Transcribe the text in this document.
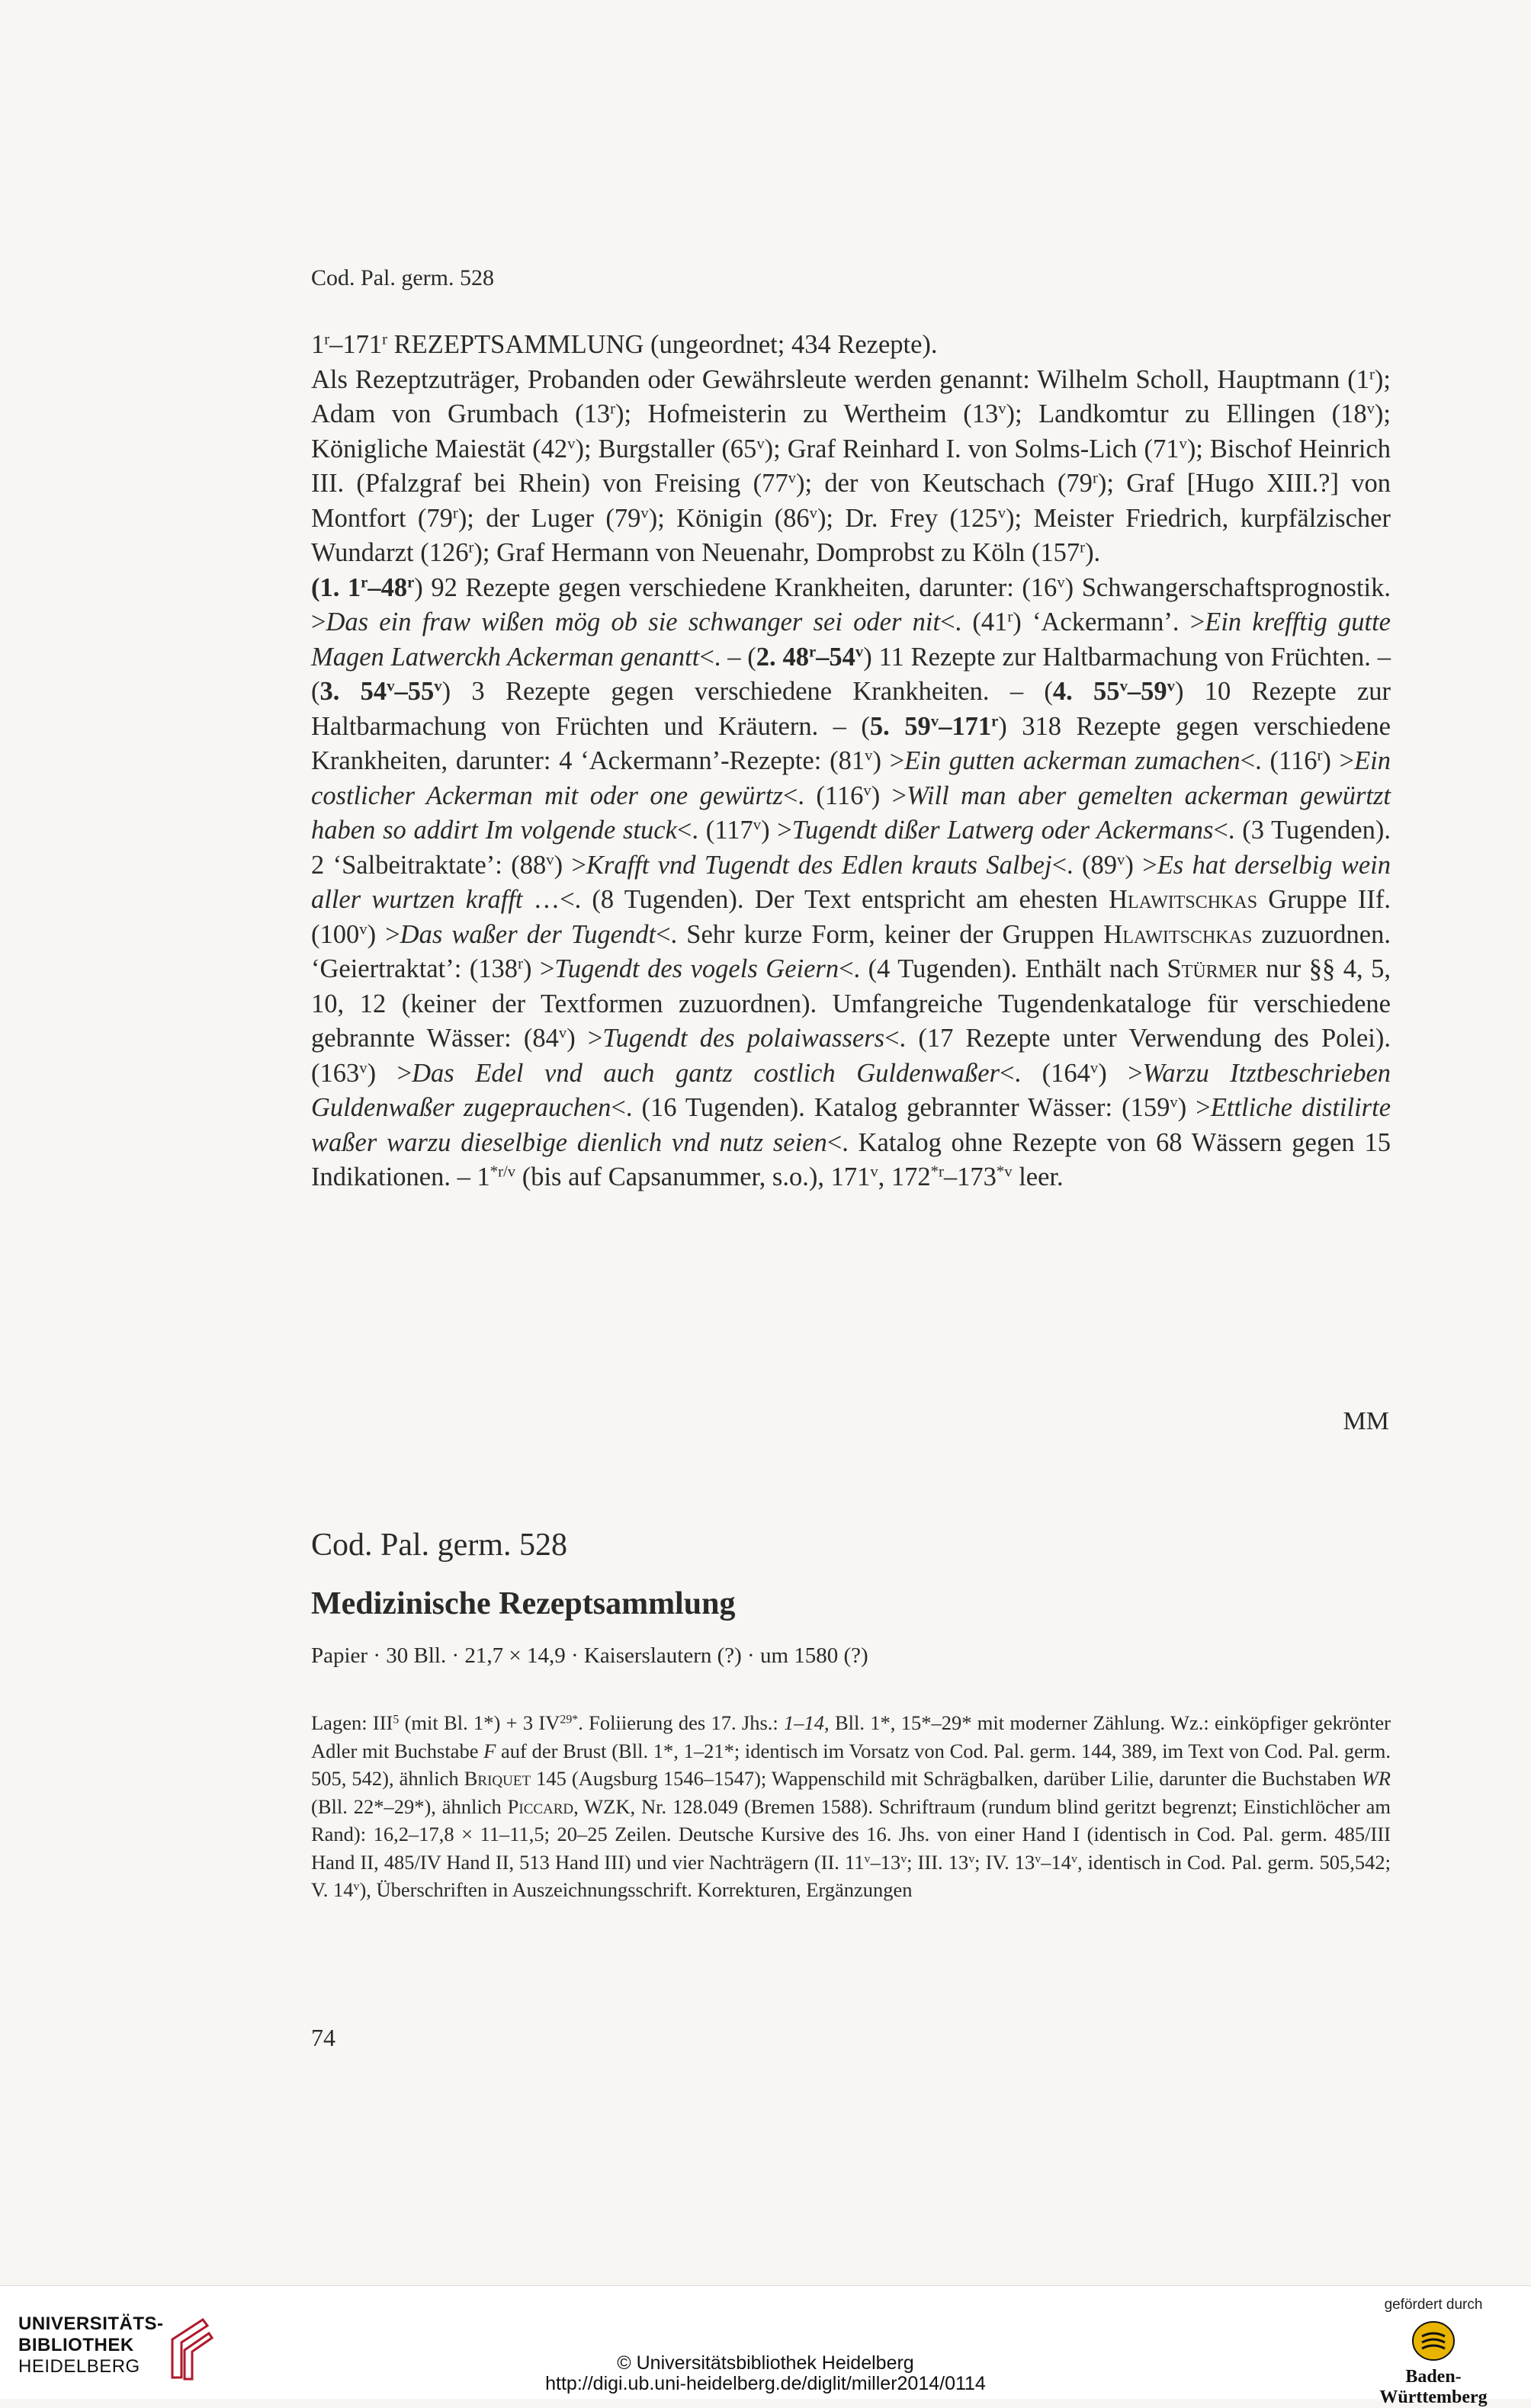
Cod. Pal. germ. 528

1$^r$–171$^r$ REZEPTSAMMLUNG (ungeordnet; 434 Rezepte).

Als Rezeptzuträger, Probanden oder Gewährsleute werden genannt: Wilhelm Scholl, Hauptmann (1$^r$); Adam von Grumbach (13$^r$); Hofmeisterin zu Wertheim (13$^v$); Landkomtur zu Ellingen (18$^v$); Königliche Maiestät (42$^v$); Burgstaller (65$^v$); Graf Reinhard I. von Solms-Lich (71$^v$); Bischof Heinrich III. (Pfalzgraf bei Rhein) von Freising (77$^v$); der von Keutschach (79$^r$); Graf [Hugo XIII.?] von Montfort (79$^r$); der Luger (79$^v$); Königin (86$^v$); Dr. Frey (125$^v$); Meister Friedrich, kurpfälzischer Wundarzt (126$^r$); Graf Hermann von Neuenahr, Domprobst zu Köln (157$^r$).

(1. 1$^r$–48$^r$) 92 Rezepte gegen verschiedene Krankheiten, darunter: (16$^v$) Schwangerschaftsprognostik. >Das ein fraw wißen mög ob sie schwanger sei oder nit<. (41$^r$) ‘Ackermann’. >Ein krefftig gutte Magen Latwerckh Ackerman genantt<. – (2. 48$^r$–54$^v$) 11 Rezepte zur Haltbarmachung von Früchten. – (3. 54$^v$–55$^v$) 3 Rezepte gegen verschiedene Krankheiten. – (4. 55$^v$–59$^v$) 10 Rezepte zur Haltbarmachung von Früchten und Kräutern. – (5. 59$^v$–171$^r$) 318 Rezepte gegen verschiedene Krankheiten, darunter: 4 ‘Ackermann’-Rezepte: $(81^v) >Ein$ gutten ackerman zumachen<. $(116^r) >Ein$ costlicher Ackerman mit oder one gewürtz<. $(116^v)$ >Will man aber gemelten ackerman gewürtzt haben so addirt Im volgende stuck<. $(117^v)$ >Tugendt dißer Latwerg oder Ackermans<. (3 Tugenden). 2 ‘Salbeitraktate’: $(88^v)$ >Krafft vnd Tugendt des Edlen krauts Salbej<. $(89^v) >Es$ hat derselbig wein aller wurtzen krafft …<. (8 Tugenden). Der Text entspricht am ehesten Hlawitschkas Gruppe IIf. $(100^v) >Das$ waßer der Tugendt<. Sehr kurze Form, keiner der Gruppen Hlawitschkas zuzuordnen. ‘Geiertraktat’: $(138^r)$ >Tugendt des vogels Geiern<. (4 Tugenden). Enthält nach Stürmer nur §§ 4, 5, 10, 12 (keiner der Textformen zuzuordnen). Umfangreiche Tugendenkataloge für verschiedene gebrannte Wässer: $(84^v)$ >Tugendt des polaiwassers<. (17 Rezepte unter Verwendung des Polei). $(163^v) >Das$ Edel vnd auch gantz costlich Guldenwaßer<. $(164^v)$ >Warzu Itztbeschrieben Guldenwaßer zugeprauchen<. (16 Tugenden). Katalog gebrannter Wässer: $(159^v)$ >Ettliche distilirte waßer warzu dieselbige dienlich vnd nutz seien<. Katalog ohne Rezepte von 68 Wässern gegen 15 Indikationen. – $1^{*r/v}$ (bis auf Capsanummer, s.o.), 171$^v$, 172$^{*r}$–173$^{*v}$ leer.

MM
Cod. Pal. germ. 528
Medizinische Rezeptsammlung
Papier · 30 Bll. · 21,7 × 14,9 · Kaiserslautern (?) · um 1580 (?)

Lagen: III$^5$ (mit Bl. 1*) + 3 $IV^{29*}$. Foliierung des 17. Jhs.: 1–14, Bll. 1*, 15*–29* mit moderner Zählung. Wz.: einköpfiger gekrönter Adler mit Buchstabe F auf der Brust (Bll. 1*, 1–21*; identisch im Vorsatz von Cod. Pal. germ. 144, 389, im Text von Cod. Pal. germ. 505, 542), ähnlich Briquet 145 (Augsburg 1546–1547); Wappenschild mit Schrägbalken, darüber Lilie, darunter die Buchstaben WR (Bll. 22*–29*), ähnlich Piccard, WZK, Nr. 128.049 (Bremen 1588). Schriftraum (rundum blind geritzt begrenzt; Einstichlöcher am Rand): 16,2–17,8 × 11–11,5; 20–25 Zeilen. Deutsche Kursive des 16. Jhs. von einer Hand I (identisch in Cod. Pal. germ. 485/III Hand II, 485/IV Hand II, 513 Hand III) und vier Nachträgern (II. 11$^v$–13$^v$; III. 13$^v$; IV. 13$^v$–14$^v$, identisch in Cod. Pal. germ. 505,542; V. 14$^v$), Überschriften in Auszeichnungsschrift. Korrekturen, Ergänzungen

74
UNIVERSITÄTS-
BIBLIOTHEK
HEIDELBERG	© Universitätsbibliothek Heidelberg
http://digi.ub.uni-heidelberg.de/diglit/miller2014/0114
gefördert durch
Baden-Württemberg
